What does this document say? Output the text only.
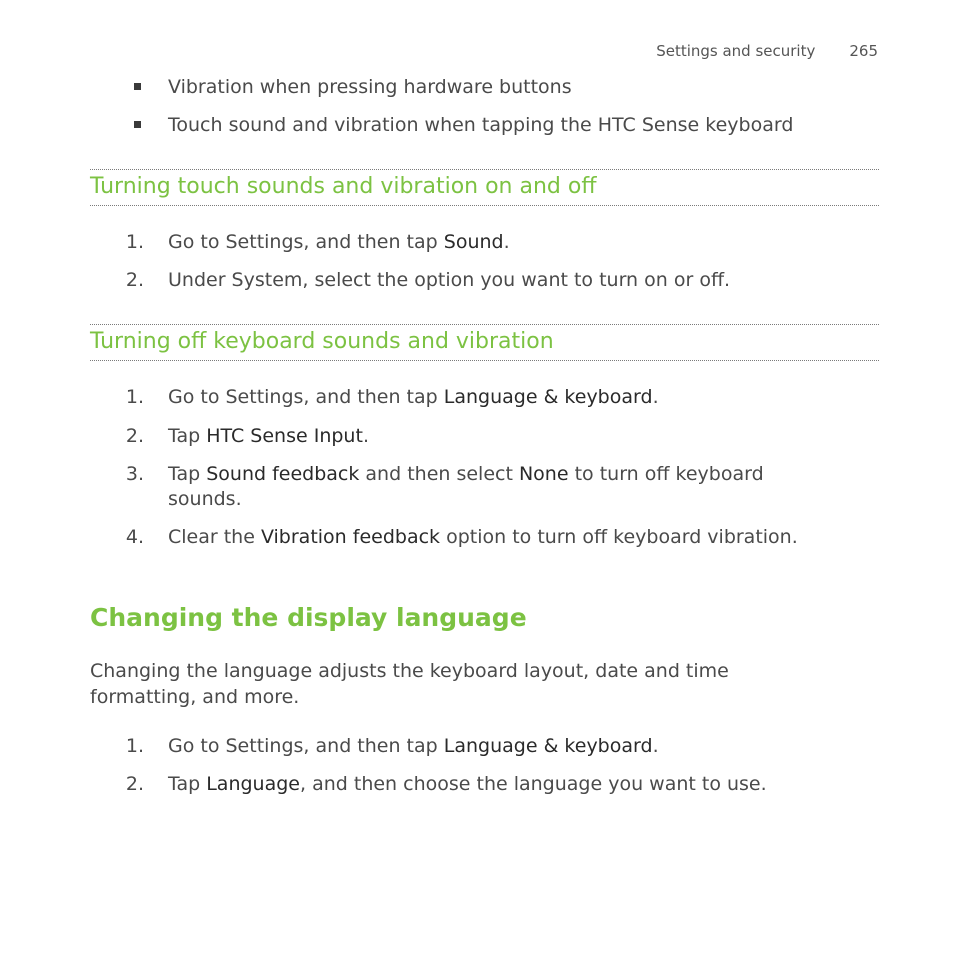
Settings and security 265
Vibration when pressing hardware buttons
Touch sound and vibration when tapping the HTC Sense keyboard
Turning touch sounds and vibration on and off
1. Go to Settings, and then tap Sound.
2. Under System, select the option you want to turn on or off.
Turning off keyboard sounds and vibration
1. Go to Settings, and then tap Language & keyboard.
2. Tap HTC Sense Input.
3. Tap Sound feedback and then select None to turn off keyboard
sounds.
4. Clear the Vibration feedback option to turn off keyboard vibration.
Changing the display language
Changing the language adjusts the keyboard layout, date and time
formatting, and more.
1. Go to Settings, and then tap Language & keyboard.
2. Tap Language, and then choose the language you want to use.
